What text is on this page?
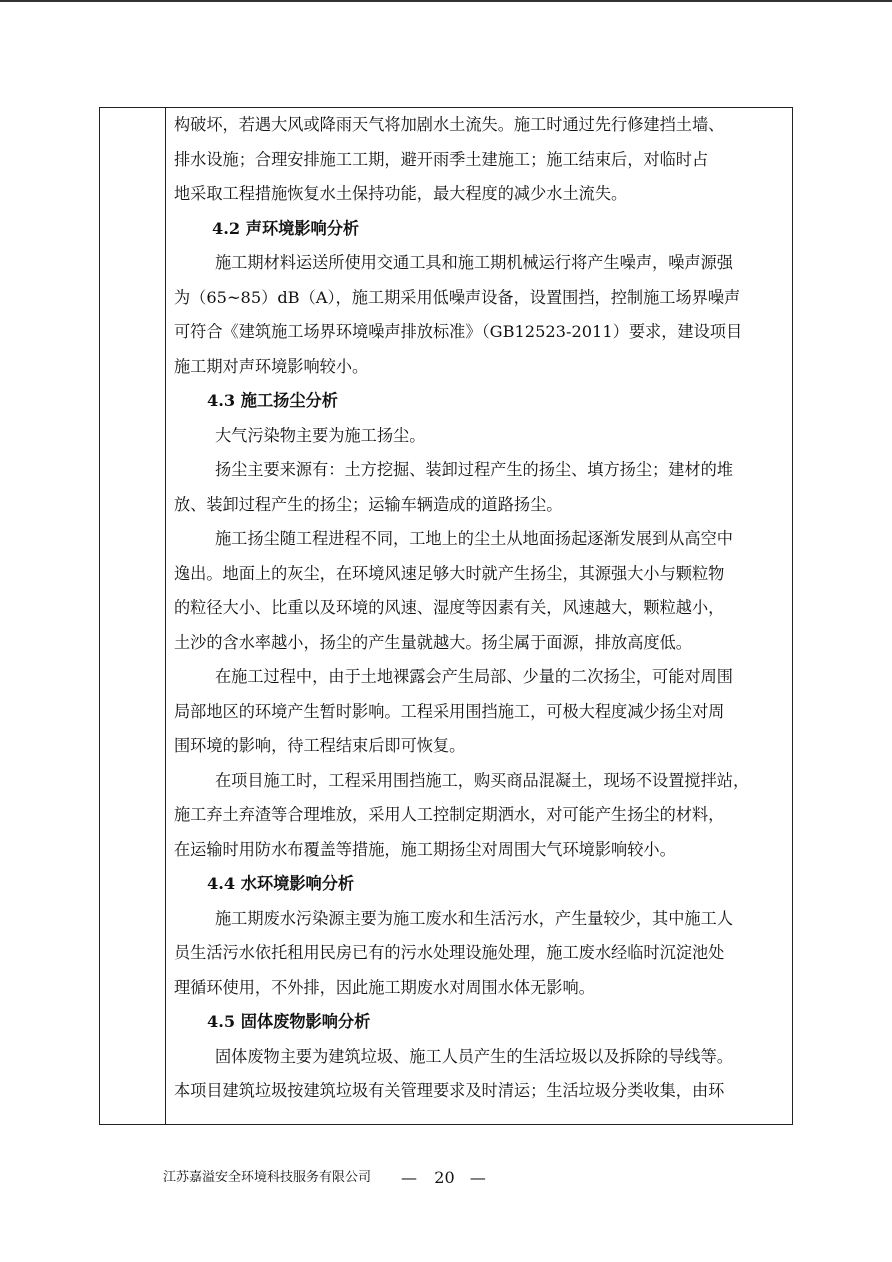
构破坏，若遇大风或降雨天气将加剧水土流失。施工时通过先行修建挡土墙、
排水设施；合理安排施工工期，避开雨季土建施工；施工结束后，对临时占
地采取工程措施恢复水土保持功能，最大程度的减少水土流失。
4.2 声环境影响分析
施工期材料运送所使用交通工具和施工期机械运行将产生噪声，噪声源强
为（65~85）dB（A），施工期采用低噪声设备，设置围挡，控制施工场界噪声
可符合《建筑施工场界环境噪声排放标准》（GB12523-2011）要求，建设项目
施工期对声环境影响较小。
4.3 施工扬尘分析
大气污染物主要为施工扬尘。
扬尘主要来源有：土方挖掘、装卸过程产生的扬尘、填方扬尘；建材的堆
放、装卸过程产生的扬尘；运输车辆造成的道路扬尘。
施工扬尘随工程进程不同，工地上的尘土从地面扬起逐渐发展到从高空中
逸出。地面上的灰尘，在环境风速足够大时就产生扬尘，其源强大小与颗粒物
的粒径大小、比重以及环境的风速、湿度等因素有关，风速越大，颗粒越小，
土沙的含水率越小，扬尘的产生量就越大。扬尘属于面源，排放高度低。
在施工过程中，由于土地裸露会产生局部、少量的二次扬尘，可能对周围
局部地区的环境产生暂时影响。工程采用围挡施工，可极大程度减少扬尘对周
围环境的影响，待工程结束后即可恢复。
在项目施工时，工程采用围挡施工，购买商品混凝土，现场不设置搅拌站，
施工弃土弃渣等合理堆放，采用人工控制定期洒水，对可能产生扬尘的材料，
在运输时用防水布覆盖等措施，施工期扬尘对周围大气环境影响较小。
4.4 水环境影响分析
施工期废水污染源主要为施工废水和生活污水，产生量较少，其中施工人
员生活污水依托租用民房已有的污水处理设施处理，施工废水经临时沉淀池处
理循环使用，不外排，因此施工期废水对周围水体无影响。
4.5 固体废物影响分析
固体废物主要为建筑垃圾、施工人员产生的生活垃圾以及拆除的导线等。
本项目建筑垃圾按建筑垃圾有关管理要求及时清运；生活垃圾分类收集，由环
江苏嘉溢安全环境科技服务有限公司 — 20 —
